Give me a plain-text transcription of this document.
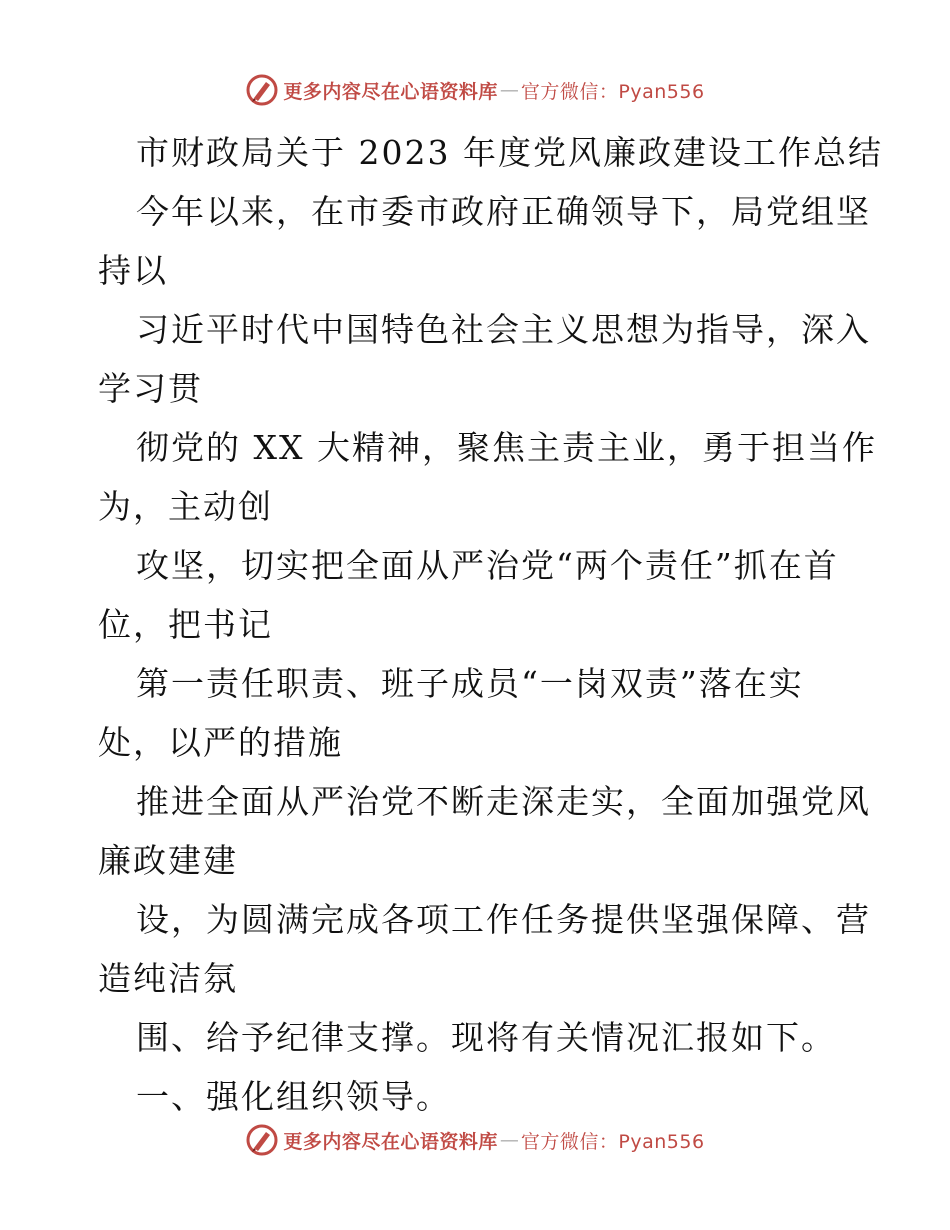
更多内容尽在心语资料库 — 官方微信：Pyan556
市财政局关于 2023 年度党风廉政建设工作总结
今年以来，在市委市政府正确领导下，局党组坚
持以
习近平时代中国特色社会主义思想为指导，深入
学习贯
彻党的 XX 大精神，聚焦主责主业，勇于担当作
为，主动创
攻坚，切实把全面从严治党“两个责任”抓在首
位，把书记
第一责任职责、班子成员“一岗双责”落在实
处，以严的措施
推进全面从严治党不断走深走实，全面加强党风
廉政建建
设，为圆满完成各项工作任务提供坚强保障、营
造纯洁氛
围、给予纪律支撑。现将有关情况汇报如下。
一、强化组织领导。
更多内容尽在心语资料库 — 官方微信：Pyan556
